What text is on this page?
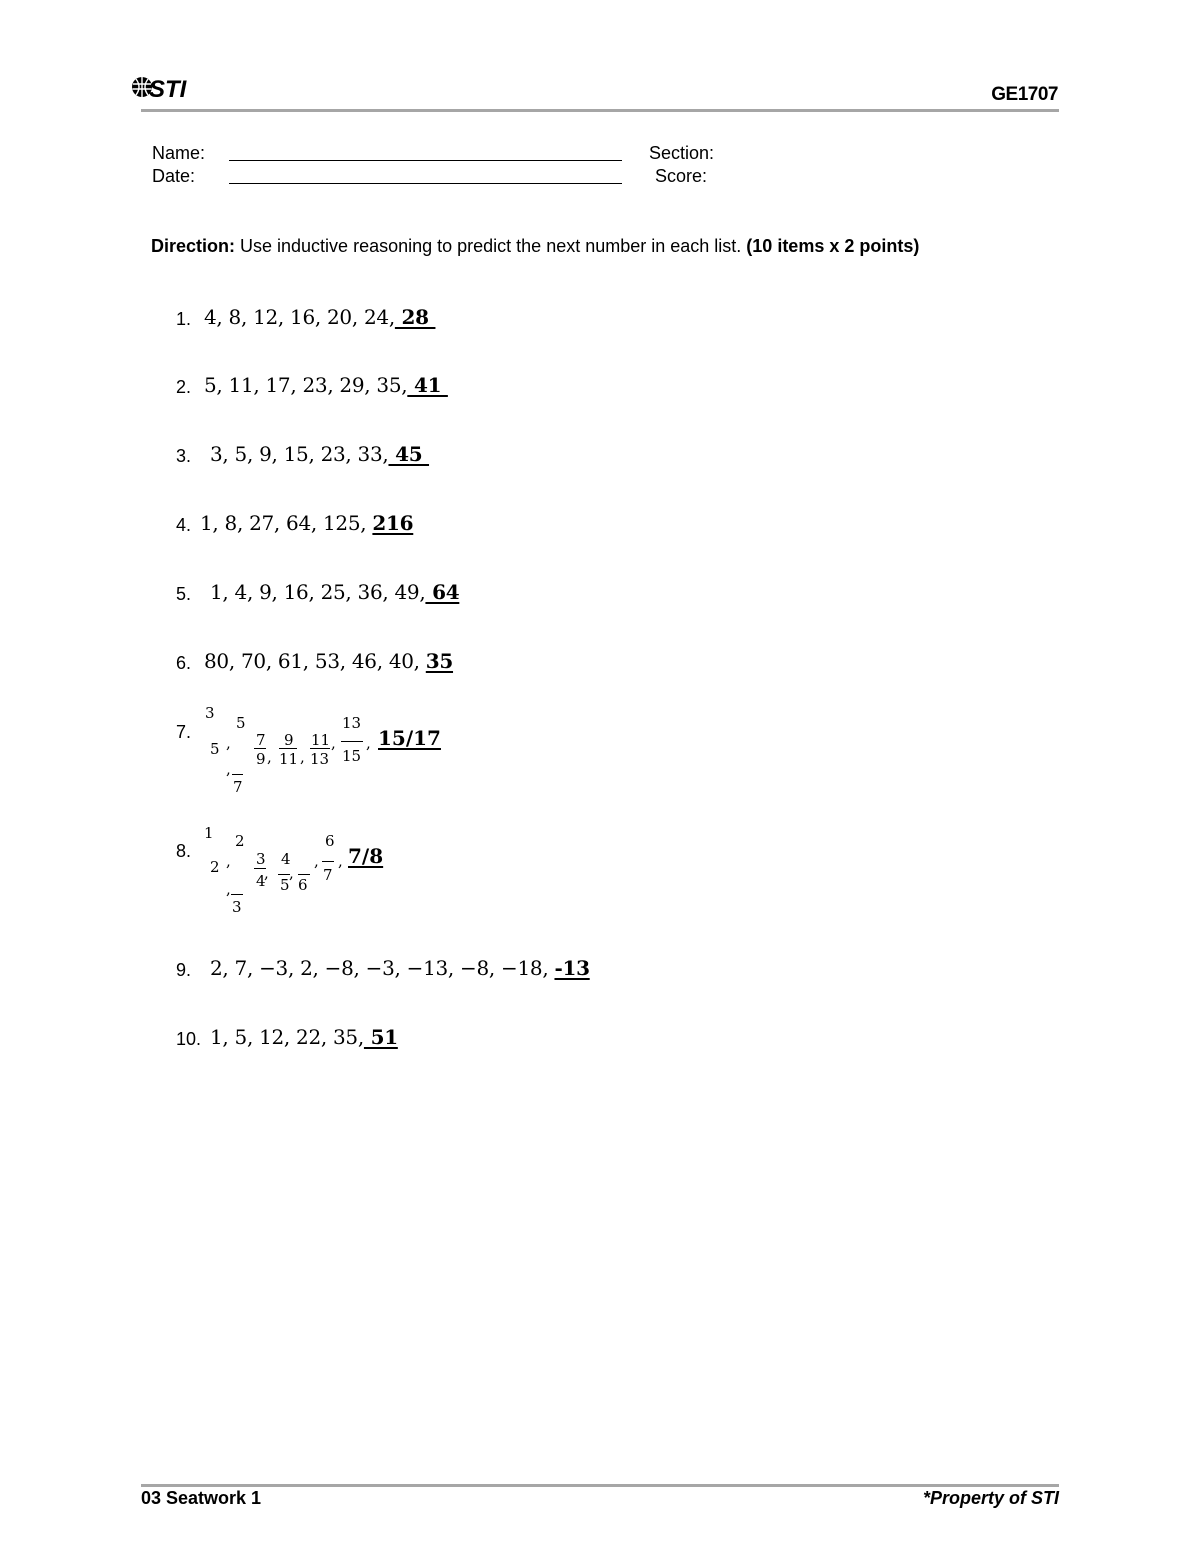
STI	GE1707
Name:
Date:
Section:
Score:
Direction: Use inductive reasoning to predict the next number in each list. (10 items x 2 points)
1. 4, 8, 12, 16, 20, 24, 28
2. 5, 11, 17, 23, 29, 35, 41
3. 3, 5, 9, 15, 23, 33, 45
4. 1, 8, 27, 64, 125, 216
5. 1, 4, 9, 16, 25, 36, 49, 64
6. 80, 70, 61, 53, 46, 40, 35
7.
3
5 ,
5
,
7
7
9 ,
9
11 ,
11
13
,
13
15
, 15/17
8.
1
2 ,
2
,
3
3
4
,
4
5
,
6
,
6
7
, 7/8
9. 2, 7, −3, 2, −8, −3, −13, −8, −18, -13
10. 1, 5, 12, 22, 35, 51
03 Seatwork 1	*Property of STI
